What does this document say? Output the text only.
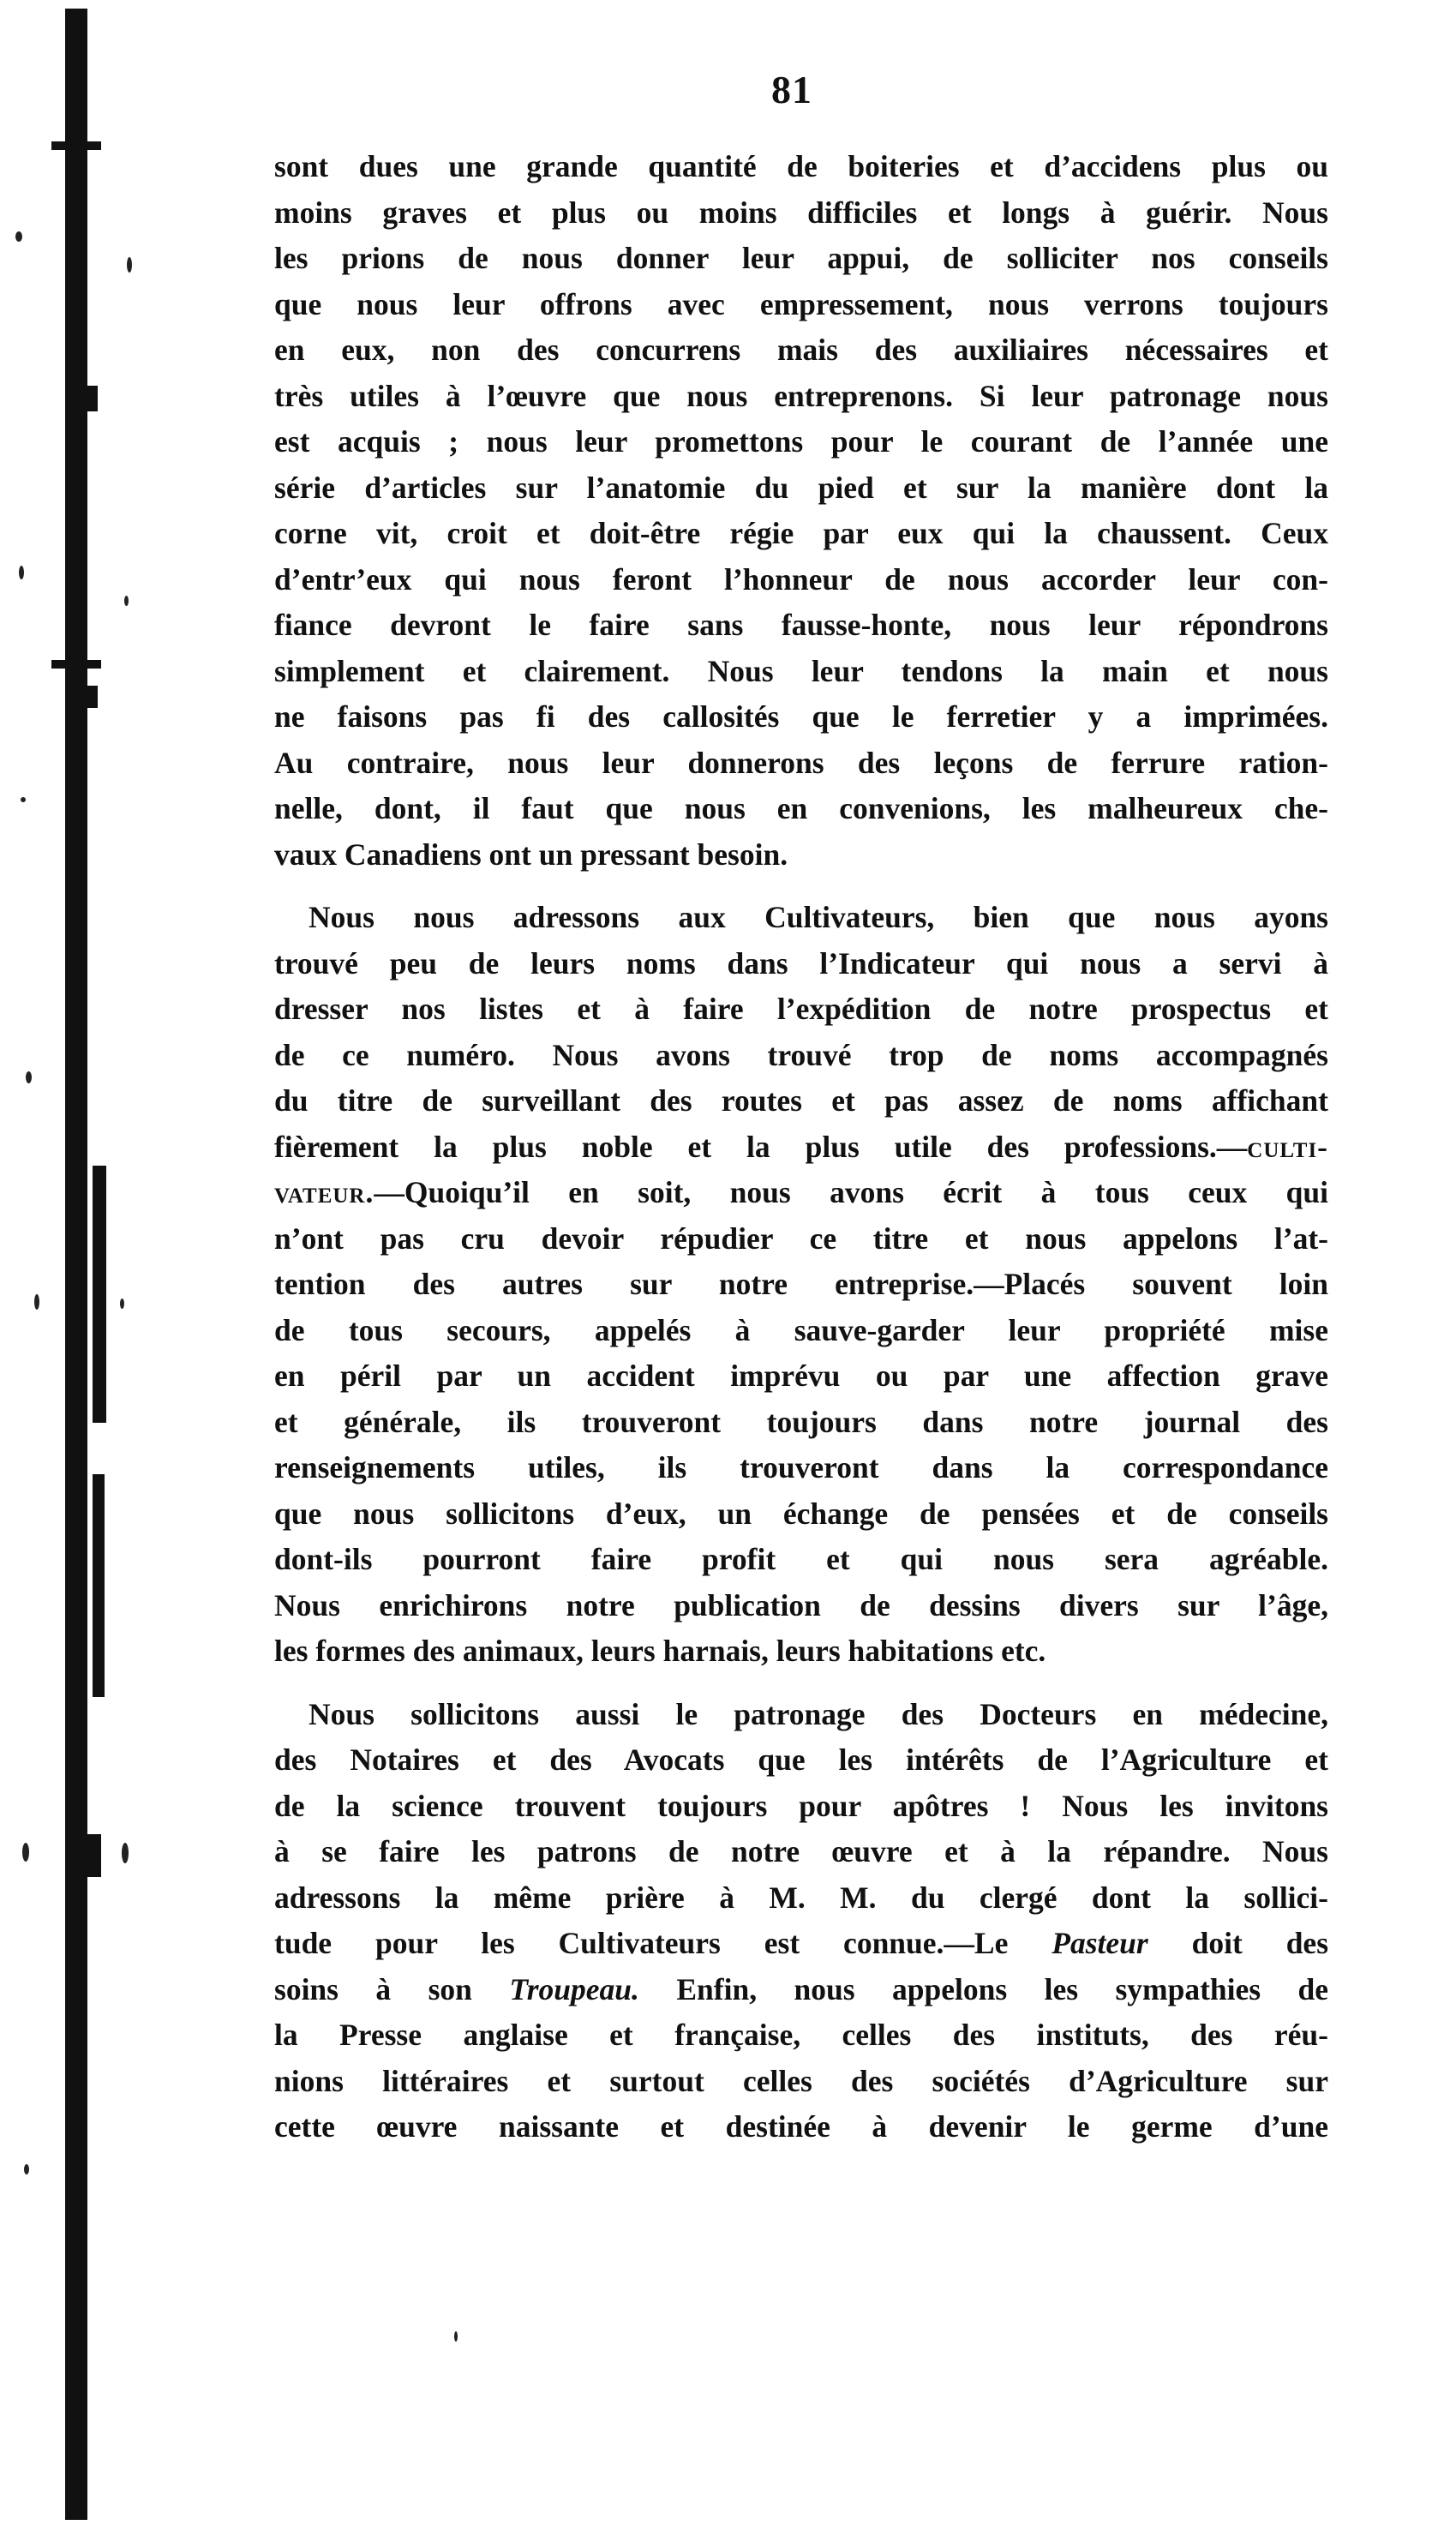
81
sont dues une grande quantité de boiteries et d’accidens plus ou
moins graves et plus ou moins difficiles et longs à guérir. Nous
les prions de nous donner leur appui, de solliciter nos conseils
que nous leur offrons avec empressement, nous verrons toujours
en eux, non des concurrens mais des auxiliaires nécessaires et
très utiles à l’œuvre que nous entreprenons. Si leur patronage nous
est acquis ; nous leur promettons pour le courant de l’année une
série d’articles sur l’anatomie du pied et sur la manière dont la
corne vit, croit et doit-être régie par eux qui la chaussent. Ceux
d’entr’eux qui nous feront l’honneur de nous accorder leur con-
fiance devront le faire sans fausse-honte, nous leur répondrons
simplement et clairement. Nous leur tendons la main et nous
ne faisons pas fi des callosités que le ferretier y a imprimées.
Au contraire, nous leur donnerons des leçons de ferrure ration-
nelle, dont, il faut que nous en convenions, les malheureux che-
vaux Canadiens ont un pressant besoin.
Nous nous adressons aux Cultivateurs, bien que nous ayons
trouvé peu de leurs noms dans l’Indicateur qui nous a servi à
dresser nos listes et à faire l’expédition de notre prospectus et
de ce numéro. Nous avons trouvé trop de noms accompagnés
du titre de surveillant des routes et pas assez de noms affichant
fièrement la plus noble et la plus utile des professions.—culti-
vateur.—Quoiqu’il en soit, nous avons écrit à tous ceux qui
n’ont pas cru devoir répudier ce titre et nous appelons l’at-
tention des autres sur notre entreprise.—Placés souvent loin
de tous secours, appelés à sauve-garder leur propriété mise
en péril par un accident imprévu ou par une affection grave
et générale, ils trouveront toujours dans notre journal des
renseignements utiles, ils trouveront dans la correspondance
que nous sollicitons d’eux, un échange de pensées et de conseils
dont-ils pourront faire profit et qui nous sera agréable.
Nous enrichirons notre publication de dessins divers sur l’âge,
les formes des animaux, leurs harnais, leurs habitations etc.
Nous sollicitons aussi le patronage des Docteurs en médecine,
des Notaires et des Avocats que les intérêts de l’Agriculture et
de la science trouvent toujours pour apôtres ! Nous les invitons
à se faire les patrons de notre œuvre et à la répandre. Nous
adressons la même prière à M. M. du clergé dont la sollici-
tude pour les Cultivateurs est connue.—Le Pasteur doit des
soins à son Troupeau. Enfin, nous appelons les sympathies de
la Presse anglaise et française, celles des instituts, des réu-
nions littéraires et surtout celles des sociétés d’Agriculture sur
cette œuvre naissante et destinée à devenir le germe d’une
